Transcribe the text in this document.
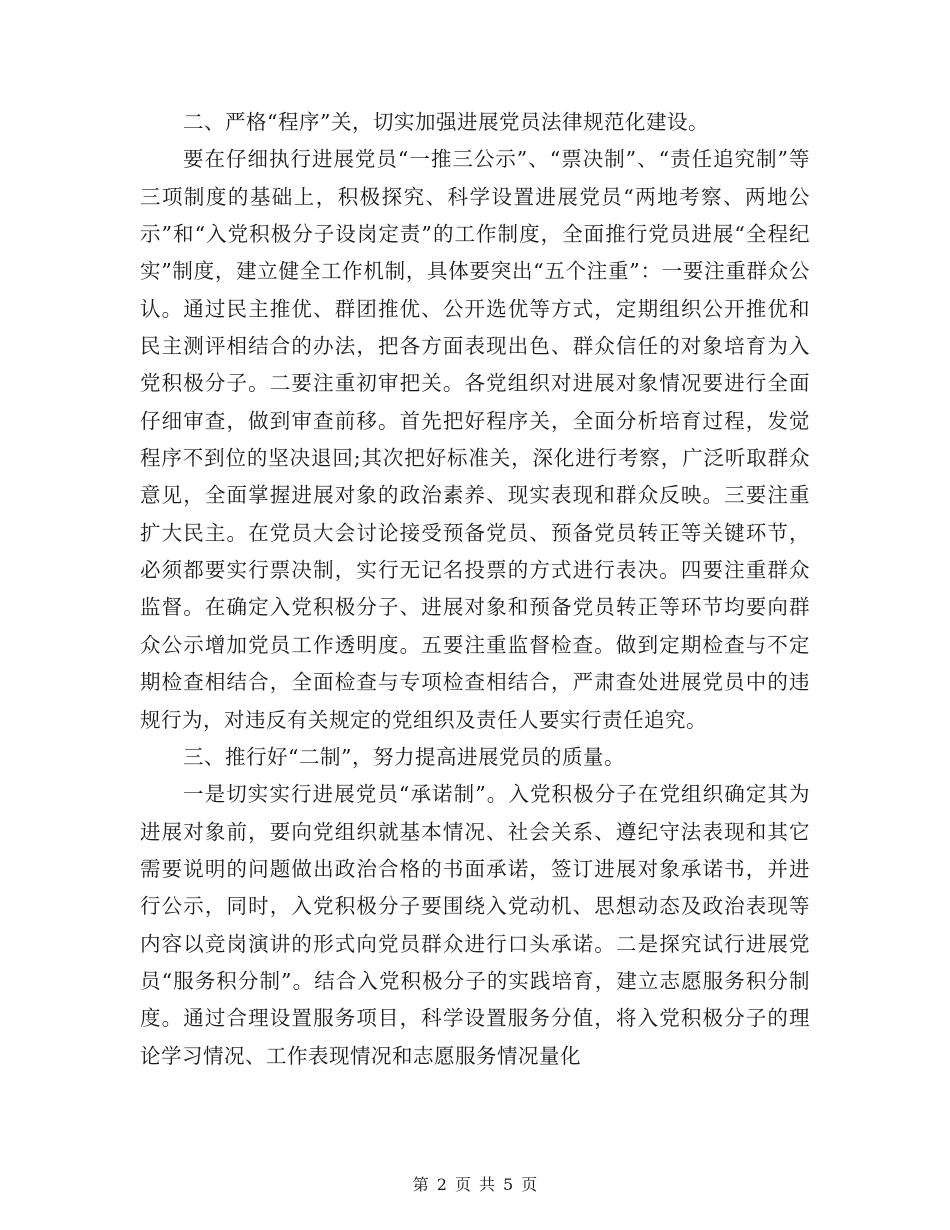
二、严格“程序”关，切实加强进展党员法律规范化建设。

要在仔细执行进展党员“一推三公示”、“票决制”、“责任追究制”等三项制度的基础上，积极探究、科学设置进展党员“两地考察、两地公示”和“入党积极分子设岗定责”的工作制度，全面推行党员进展“全程纪实”制度，建立健全工作机制，具体要突出“五个注重”：一要注重群众公认。通过民主推优、群团推优、公开选优等方式，定期组织公开推优和民主测评相结合的办法，把各方面表现出色、群众信任的对象培育为入党积极分子。二要注重初审把关。各党组织对进展对象情况要进行全面仔细审查，做到审查前移。首先把好程序关，全面分析培育过程，发觉程序不到位的坚决退回;其次把好标准关，深化进行考察，广泛听取群众意见，全面掌握进展对象的政治素养、现实表现和群众反映。三要注重扩大民主。在党员大会讨论接受预备党员、预备党员转正等关键环节，必须都要实行票决制，实行无记名投票的方式进行表决。四要注重群众监督。在确定入党积极分子、进展对象和预备党员转正等环节均要向群众公示增加党员工作透明度。五要注重监督检查。做到定期检查与不定期检查相结合，全面检查与专项检查相结合，严肃查处进展党员中的违规行为，对违反有关规定的党组织及责任人要实行责任追究。

三、推行好“二制”，努力提高进展党员的质量。

一是切实实行进展党员“承诺制”。入党积极分子在党组织确定其为进展对象前，要向党组织就基本情况、社会关系、遵纪守法表现和其它需要说明的问题做出政治合格的书面承诺，签订进展对象承诺书，并进行公示，同时，入党积极分子要围绕入党动机、思想动态及政治表现等内容以竞岗演讲的形式向党员群众进行口头承诺。二是探究试行进展党员“服务积分制”。结合入党积极分子的实践培育，建立志愿服务积分制度。通过合理设置服务项目，科学设置服务分值，将入党积极分子的理论学习情况、工作表现情况和志愿服务情况量化

第 2 页 共 5 页
